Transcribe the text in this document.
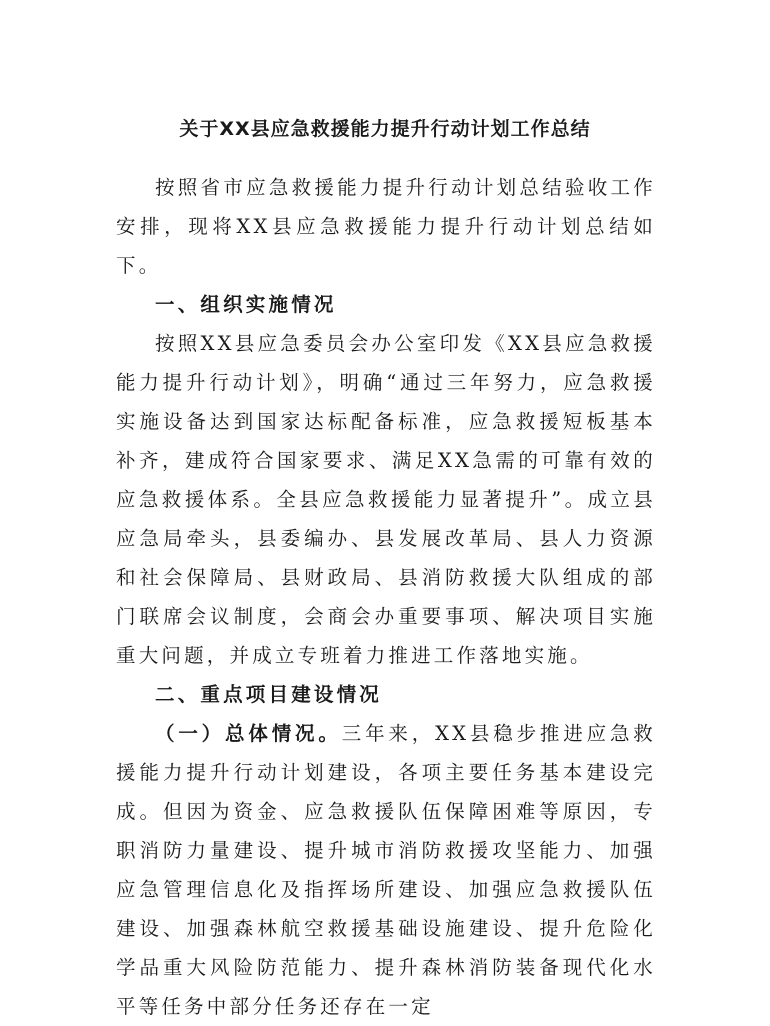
关于XX县应急救援能力提升行动计划工作总结

按照省市应急救援能力提升行动计划总结验收工作安排，现将XX县应急救援能力提升行动计划总结如下。

一、组织实施情况

按照XX县应急委员会办公室印发《XX县应急救援能力提升行动计划》，明确“通过三年努力，应急救援实施设备达到国家达标配备标准，应急救援短板基本补齐，建成符合国家要求、满足XX急需的可靠有效的应急救援体系。全县应急救援能力显著提升”。成立县应急局牵头，县委编办、县发展改革局、县人力资源和社会保障局、县财政局、县消防救援大队组成的部门联席会议制度，会商会办重要事项、解决项目实施重大问题，并成立专班着力推进工作落地实施。

二、重点项目建设情况

（一）总体情况。三年来，XX县稳步推进应急救援能力提升行动计划建设，各项主要任务基本建设完成。但因为资金、应急救援队伍保障困难等原因，专职消防力量建设、提升城市消防救援攻坚能力、加强应急管理信息化及指挥场所建设、加强应急救援队伍建设、加强森林航空救援基础设施建设、提升危险化学品重大风险防范能力、提升森林消防装备现代化水平等任务中部分任务还存在一定
